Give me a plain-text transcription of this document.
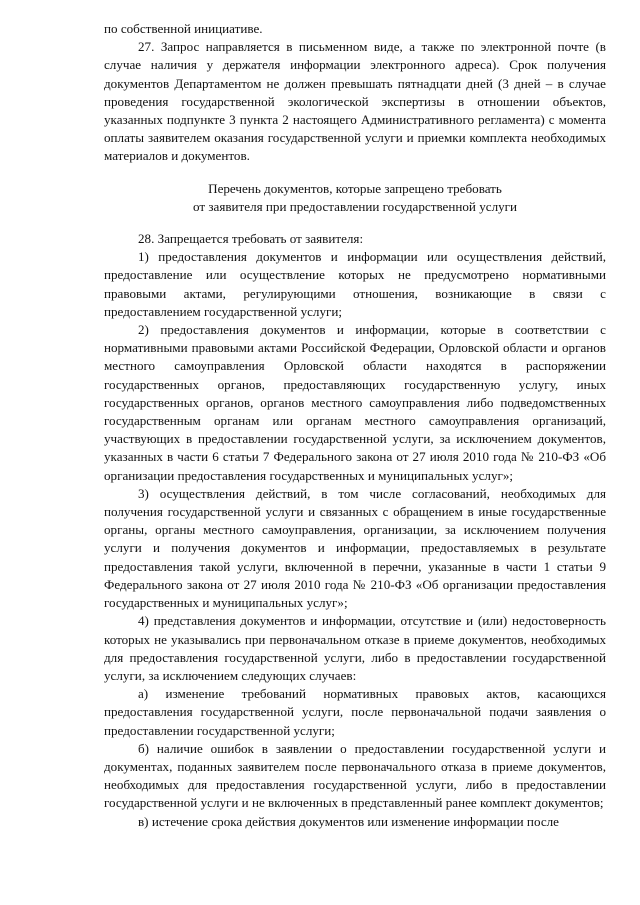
по собственной инициативе.

27. Запрос направляется в письменном виде, а также по электронной почте (в случае наличия у держателя информации электронного адреса). Срок получения документов Департаментом не должен превышать пятнадцати дней (3 дней – в случае проведения государственной экологической экспертизы в отношении объектов, указанных подпункте 3 пункта 2 настоящего Административного регламента) с момента оплаты заявителем оказания государственной услуги и приемки комплекта необходимых материалов и документов.

Перечень документов, которые запрещено требовать

от заявителя при предоставлении государственной услуги

28. Запрещается требовать от заявителя:

1) предоставления документов и информации или осуществления действий, предоставление или осуществление которых не предусмотрено нормативными правовыми актами, регулирующими отношения, возникающие в связи с предоставлением государственной услуги;

2) предоставления документов и информации, которые в соответствии с нормативными правовыми актами Российской Федерации, Орловской области и органов местного самоуправления Орловской области находятся в распоряжении государственных органов, предоставляющих государственную услугу, иных государственных органов, органов местного самоуправления либо подведомственных государственным органам или органам местного самоуправления организаций, участвующих в предоставлении государственной услуги, за исключением документов, указанных в части 6 статьи 7 Федерального закона от 27 июля 2010 года № 210-ФЗ «Об организации предоставления государственных и муниципальных услуг»;

3) осуществления действий, в том числе согласований, необходимых для получения государственной услуги и связанных с обращением в иные государственные органы, органы местного самоуправления, организации, за исключением получения услуги и получения документов и информации, предоставляемых в результате предоставления такой услуги, включенной в перечни, указанные в части 1 статьи 9 Федерального закона от 27 июля 2010 года № 210-ФЗ «Об организации предоставления государственных и муниципальных услуг»;

4) представления документов и информации, отсутствие и (или) недостоверность которых не указывались при первоначальном отказе в приеме документов, необходимых для предоставления государственной услуги, либо в предоставлении государственной услуги, за исключением следующих случаев:

а) изменение требований нормативных правовых актов, касающихся предоставления государственной услуги, после первоначальной подачи заявления о предоставлении государственной услуги;

б) наличие ошибок в заявлении о предоставлении государственной услуги и документах, поданных заявителем после первоначального отказа в приеме документов, необходимых для предоставления государственной услуги, либо в предоставлении государственной услуги и не включенных в представленный ранее комплект документов;

в) истечение срока действия документов или изменение информации после
